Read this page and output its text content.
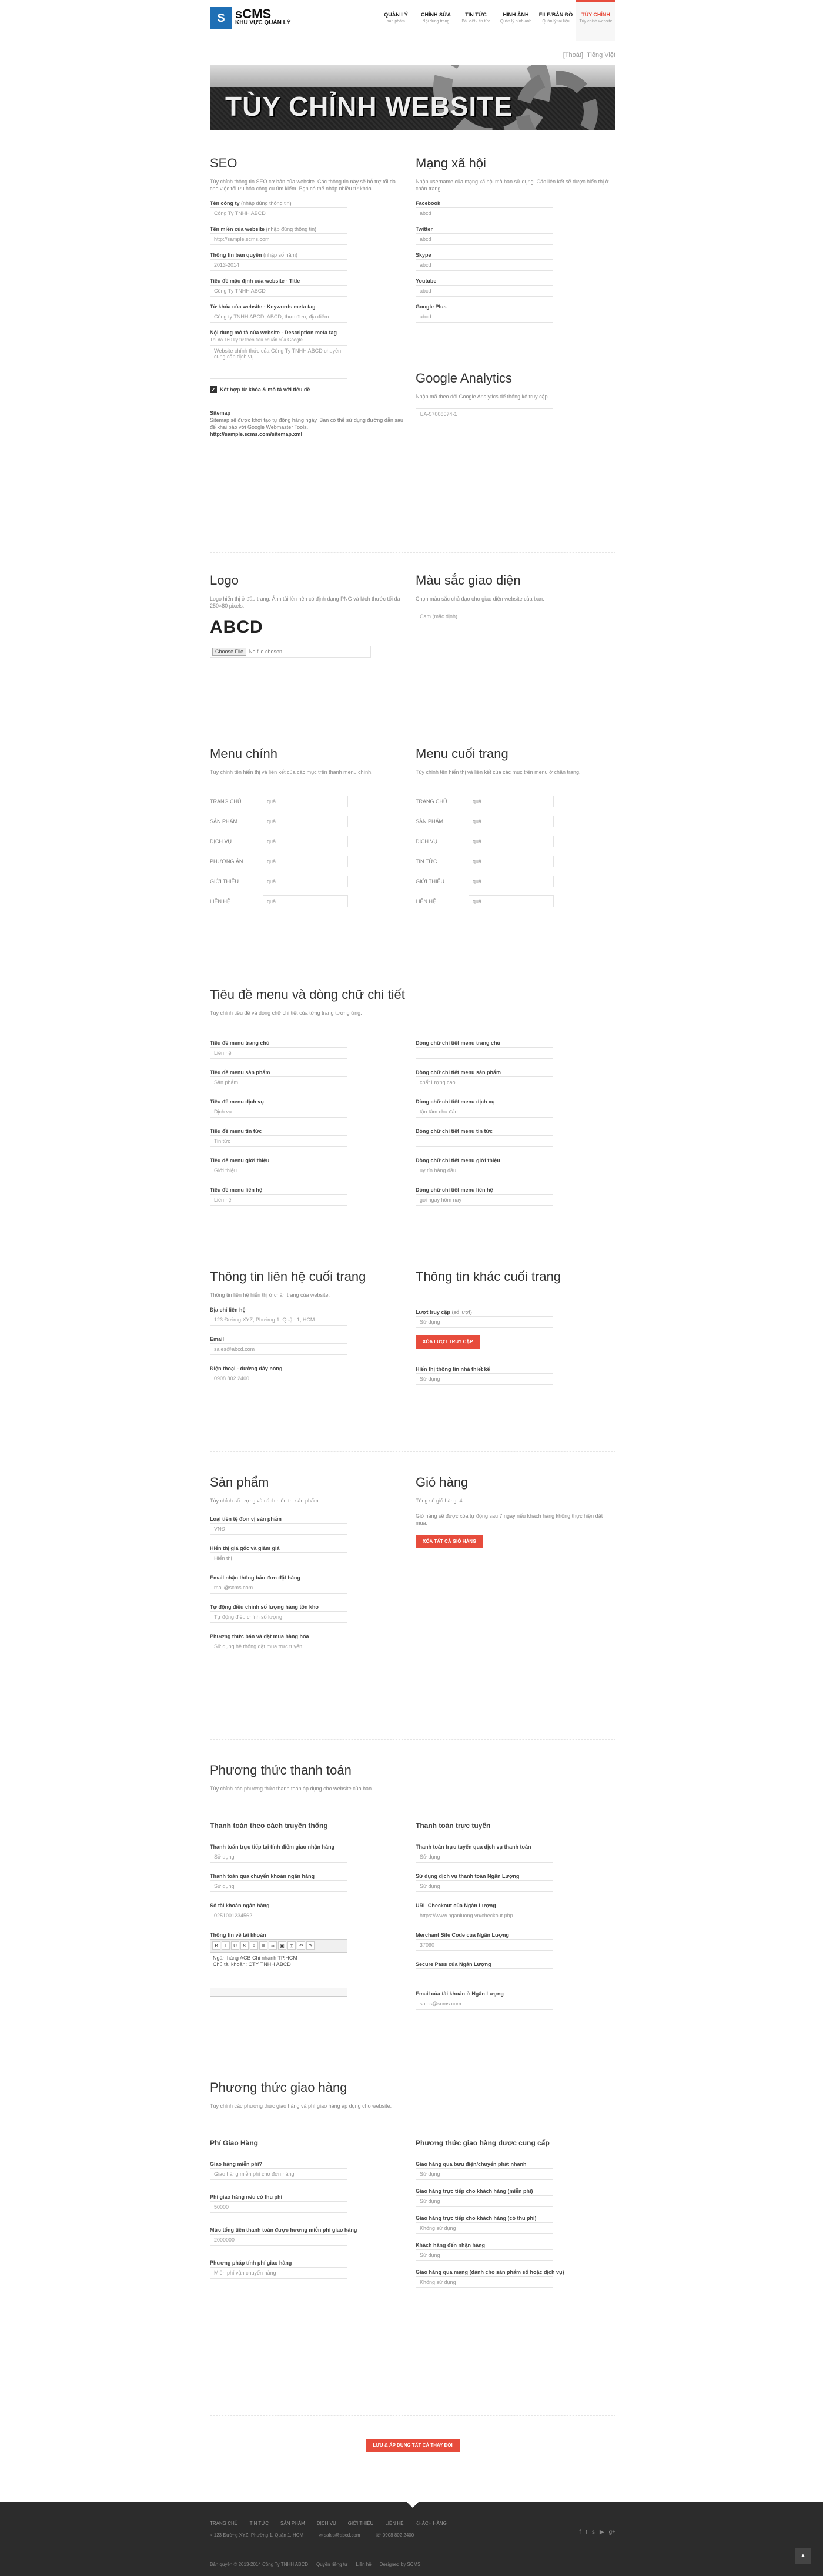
S sCMS
KHU VỰC QUẢN LÝ
QUẢN LÝ
sản phẩm
CHỈNH SỬA
Nội dung trang
TIN TỨC
Bài viết / tin tức
HÌNH ẢNH
Quản lý hình ảnh
FILE/BẢN ĐỒ
Quản lý tài liệu
TÙY CHỈNH
Tùy chỉnh website
[Thoát] Tiếng Việt
TÙY CHỈNH WEBSITE
SEO

Tùy chỉnh thông tin SEO cơ bản của website. Các thông tin này sẽ hỗ trợ tối đa cho việc tối ưu hóa công cụ tìm kiếm. Bạn có thể nhập nhiều từ khóa.

Tên công ty (nhập đúng thông tin)
Công Ty TNHH ABCD
Tên miền của website (nhập đúng thông tin)
http://sample.scms.com
Thông tin bản quyền (nhập số năm)
2013-2014
Tiêu đề mặc định của website - Title
Công Ty TNHH ABCD
Từ khóa của website - Keywords meta tag
Công ty TNHH ABCD, ABCD, thực đơn, địa điểm
Nội dung mô tả của website - Description meta tag
Tối đa 160 ký tự theo tiêu chuẩn của Google
Website chính thức của Công Ty TNHH ABCD chuyên cung cấp dịch vụ
✓ Kết hợp từ khóa & mô tả với tiêu đề
Sitemap
Sitemap sẽ được khởi tạo tự động hàng ngày. Bạn có thể sử dụng đường dẫn sau để khai báo với Google Webmaster Tools.
http://sample.scms.com/sitemap.xml
Mạng xã hội

Nhập username của mạng xã hội mà bạn sử dụng. Các liên kết sẽ được hiển thị ở chân trang.

Facebook
abcd
Twitter
abcd
Skype
abcd
Youtube
abcd
Google Plus
abcd
Google Analytics

Nhập mã theo dõi Google Analytics để thống kê truy cập.

UA-57008574-1
Logo

Logo hiển thị ở đầu trang. Ảnh tải lên nên có định dạng PNG và kích thước tối đa 250×80 pixels.

ABCD
Choose File	No file chosen
Màu sắc giao diện

Chọn màu sắc chủ đạo cho giao diện website của bạn.

Cam (mặc định)
Menu chính

Tùy chỉnh tên hiển thị và liên kết của các mục trên thanh menu chính.

TRANG CHỦ
quả
SẢN PHẨM
quả
DỊCH VỤ
quả
PHƯƠNG ÁN
quả
GIỚI THIỆU
quả
LIÊN HỆ
quả
Menu cuối trang

Tùy chỉnh tên hiển thị và liên kết của các mục trên menu ở chân trang.

TRANG CHỦ
quả
SẢN PHẨM
quả
DỊCH VỤ
quả
TIN TỨC
quả
GIỚI THIỆU
quả
LIÊN HỆ
quả
Tiêu đề menu và dòng chữ chi tiết

Tùy chỉnh tiêu đề và dòng chữ chi tiết của từng trang tương ứng.

Tiêu đề menu trang chủ
Liên hệ
Tiêu đề menu sản phẩm
Sản phẩm
Tiêu đề menu dịch vụ
Dịch vụ
Tiêu đề menu tin tức
Tin tức
Tiêu đề menu giới thiệu
Giới thiệu
Tiêu đề menu liên hệ
Liên hệ
Dòng chữ chi tiết menu trang chủ
Dòng chữ chi tiết menu sản phẩm
chất lượng cao
Dòng chữ chi tiết menu dịch vụ
tận tâm chu đáo
Dòng chữ chi tiết menu tin tức
Dòng chữ chi tiết menu giới thiệu
uy tín hàng đầu
Dòng chữ chi tiết menu liên hệ
gọi ngay hôm nay
Thông tin liên hệ cuối trang

Thông tin liên hệ hiển thị ở chân trang của website.

Địa chỉ liên hệ
123 Đường XYZ, Phường 1, Quận 1, HCM
Email
sales@abcd.com
Điện thoại - đường dây nóng
0908 802 2400
Thông tin khác cuối trang
Lượt truy cập (số lượt)
Sử dụng
XÓA LƯỢT TRUY CẬP
Hiển thị thông tin nhà thiết kế
Sử dụng
Sản phẩm

Tùy chỉnh số lượng và cách hiển thị sản phẩm.

Loại tiền tệ đơn vị sản phẩm
VNĐ
Hiển thị giá gốc và giảm giá
Hiển thị
Email nhận thông báo đơn đặt hàng
mail@scms.com
Tự động điều chỉnh số lượng hàng tồn kho
Tự động điều chỉnh số lượng
Phương thức bán và đặt mua hàng hóa
Sử dụng hệ thống đặt mua trực tuyến
Giỏ hàng

Tổng số giỏ hàng: 4

Giỏ hàng sẽ được xóa tự động sau 7 ngày nếu khách hàng không thực hiện đặt mua.

XÓA TẤT CẢ GIỎ HÀNG
Phương thức thanh toán

Tùy chỉnh các phương thức thanh toán áp dụng cho website của bạn.

Thanh toán theo cách truyền thống
Thanh toán trực tiếp tại tính điểm giao nhận hàng
Sử dụng
Thanh toán qua chuyển khoản ngân hàng
Sử dụng
Số tài khoản ngân hàng
0251001234562
Thông tin về tài khoản
B	I	U	S	≡	≣	∞	▣	⊞	↶	↷
Ngân hàng ACB Chi nhánh TP.HCM
Chủ tài khoản: CTY TNHH ABCD
Thanh toán trực tuyến
Thanh toán trực tuyến qua dịch vụ thanh toán
Sử dụng
Sử dụng dịch vụ thanh toán Ngân Lượng
Sử dụng
URL Checkout của Ngân Lượng
https://www.nganluong.vn/checkout.php
Merchant Site Code của Ngân Lượng
37090
Secure Pass của Ngân Lượng
Email của tài khoản ở Ngân Lượng
sales@scms.com
Phương thức giao hàng

Tùy chỉnh các phương thức giao hàng và phí giao hàng áp dụng cho website.

Phí Giao Hàng
Giao hàng miễn phí?
Giao hàng miễn phí cho đơn hàng
Phí giao hàng nếu có thu phí
50000
Mức tổng tiền thanh toán được hưởng miễn phí giao hàng
2000000
Phương pháp tính phí giao hàng
Miễn phí vận chuyển hàng
Phương thức giao hàng được cung cấp
Giao hàng qua bưu điện/chuyển phát nhanh
Sử dụng
Giao hàng trực tiếp cho khách hàng (miễn phí)
Sử dụng
Giao hàng trực tiếp cho khách hàng (có thu phí)
Không sử dụng
Khách hàng đến nhận hàng
Sử dụng
Giao hàng qua mạng (dành cho sản phẩm số hoặc dịch vụ)
Không sử dụng
LƯU & ÁP DỤNG TẤT CẢ THAY ĐỔI
TRANG CHỦ	TIN TỨC	SẢN PHẨM	DỊCH VỤ	GIỚI THIỆU	LIÊN HỆ	KHÁCH HÀNG
⌖ 123 Đường XYZ, Phường 1, Quận 1, HCM	✉ sales@abcd.com	☏ 0908 802 2400	f t s ▶ g+
Bản quyền © 2013-2014 Công Ty TNHH ABCD Quyền riêng tư Liên hệ Designed by SCMS
▲
